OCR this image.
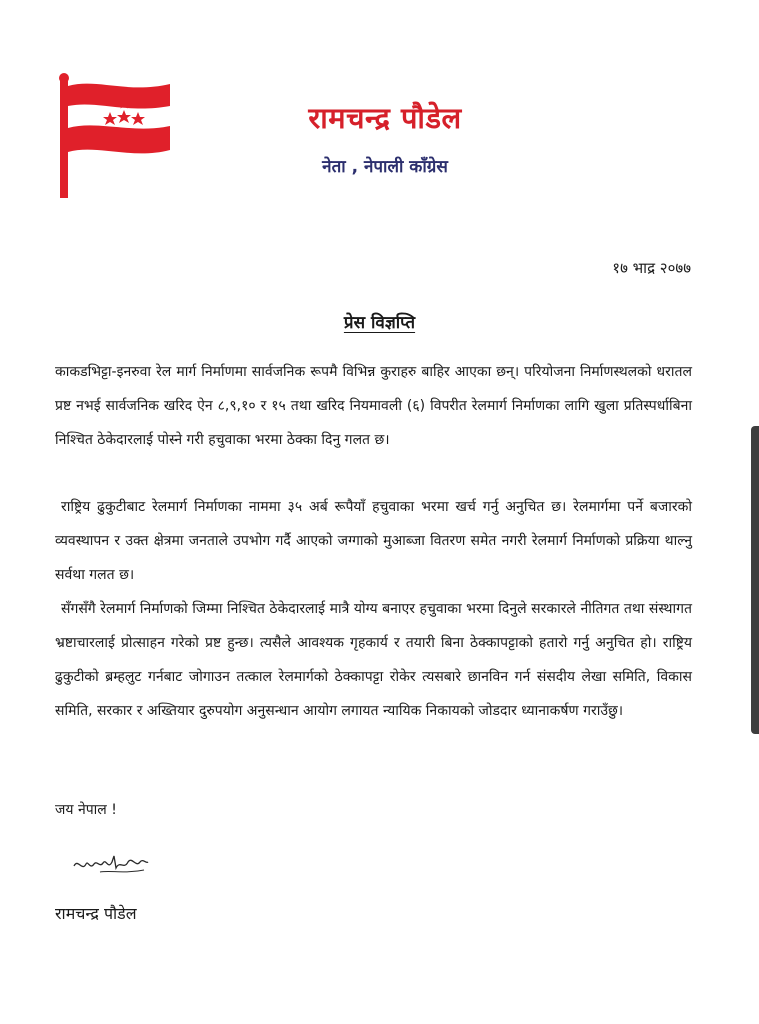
रामचन्द्र पौडेल
नेता , नेपाली काँग्रेस
१७ भाद्र २०७७
प्रेस विज्ञप्ति
काकडभिट्टा-इनरुवा रेल मार्ग निर्माणमा सार्वजनिक रूपमै विभिन्न कुराहरु बाहिर आएका छन्। परियोजना निर्माणस्थलको धरातल प्रष्ट नभई सार्वजनिक खरिद ऐन ८,९,१० र १५ तथा खरिद नियमावली (६) विपरीत रेलमार्ग निर्माणका लागि खुला प्रतिस्पर्धाबिना निश्चित ठेकेदारलाई पोस्ने गरी हचुवाका भरमा ठेक्का दिनु गलत छ।
राष्ट्रिय ढुकुटीबाट रेलमार्ग निर्माणका नाममा ३५ अर्ब रूपैयाँ हचुवाका भरमा खर्च गर्नु अनुचित छ। रेलमार्गमा पर्ने बजारको व्यवस्थापन र उक्त क्षेत्रमा जनताले उपभोग गर्दै आएको जग्गाको मुआब्जा वितरण समेत नगरी रेलमार्ग निर्माणको प्रक्रिया थाल्नु सर्वथा गलत छ।
सँगसँगै रेलमार्ग निर्माणको जिम्मा निश्चित ठेकेदारलाई मात्रै योग्य बनाएर हचुवाका भरमा दिनुले सरकारले नीतिगत तथा संस्थागत भ्रष्टाचारलाई प्रोत्साहन गरेको प्रष्ट हुन्छ। त्यसैले आवश्यक गृहकार्य र तयारी बिना ठेक्कापट्टाको हतारो गर्नु अनुचित हो। राष्ट्रिय ढुकुटीको ब्रम्हलुट गर्नबाट जोगाउन तत्काल रेलमार्गको ठेक्कापट्टा रोकेर त्यसबारे छानविन गर्न संसदीय लेखा समिति, विकास समिति, सरकार र अख्तियार दुरुपयोग अनुसन्धान आयोग लगायत न्यायिक निकायको जोडदार ध्यानाकर्षण गराउँछु।
जय नेपाल !
रामचन्द्र पौडेल
